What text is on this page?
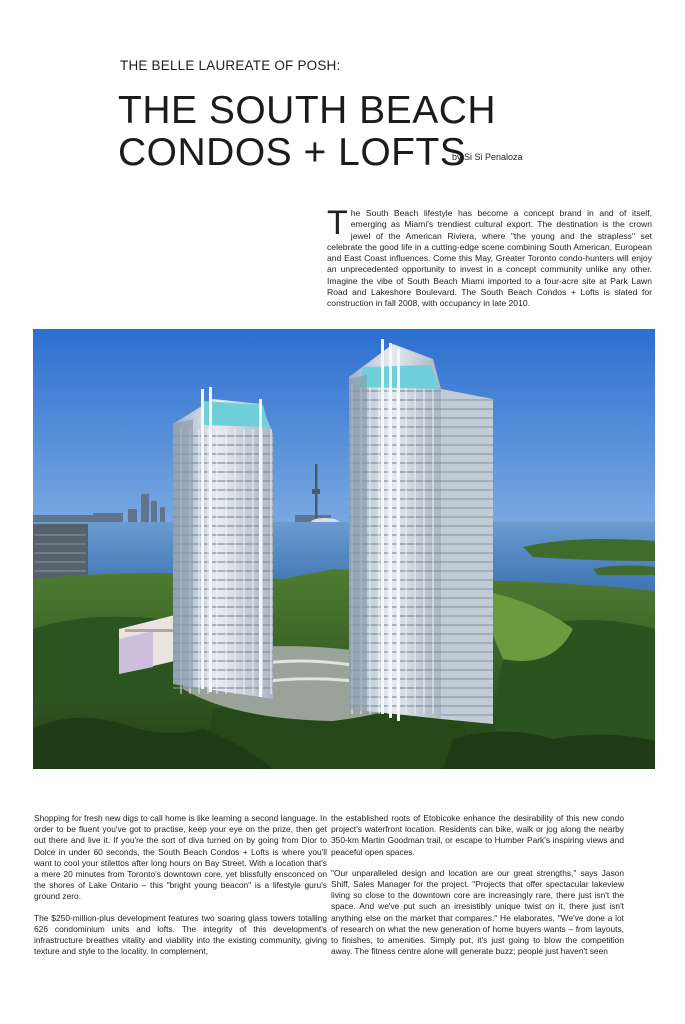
THE BELLE LAUREATE OF POSH:
THE SOUTH BEACH
CONDOS + LOFTS
by Si Si Penaloza
The South Beach lifestyle has become a concept brand in and of itself, emerging as Miami's trendiest cultural export. The destination is the crown jewel of the American Riviera, where "the young and the strapless" set celebrate the good life in a cutting-edge scene combining South American, European and East Coast influences. Come this May, Greater Toronto condo-hunters will enjoy an unprecedented opportunity to invest in a concept community unlike any other. Imagine the vibe of South Beach Miami imported to a four-acre site at Park Lawn Road and Lakeshore Boulevard. The South Beach Condos + Lofts is slated for construction in fall 2008, with occupancy in late 2010.

Shopping for fresh new digs to call home is like learning a second language. In order to be fluent you've got to practise, keep your eye on the prize, then get out there and live it. If you're the sort of diva turned on by going from Dior to Dolce in under 60 seconds, the South Beach Condos + Lofts is where you'll want to cool your stilettos after long hours on Bay Street. With a location that's a mere 20 minutes from Toronto's downtown core, yet blissfully ensconced on the shores of Lake Ontario – this "bright young beacon" is a lifestyle guru's ground zero.

The $250-million-plus development features two soaring glass towers totalling 626 condominium units and lofts. The integrity of this development's infrastructure breathes vitality and viability into the existing community, giving texture and style to the locality. In complement,

the established roots of Etobicoke enhance the desirability of this new condo project's waterfront location. Residents can bike, walk or jog along the nearby 350-km Martin Goodman trail, or escape to Humber Park's inspiring views and peaceful open spaces.

"Our unparalleled design and location are our great strengths," says Jason Shiff, Sales Manager for the project. "Projects that offer spectacular lakeview living so close to the downtown core are increasingly rare, there just isn't the space. And we've put such an irresistibly unique twist on it, there just isn't anything else on the market that compares." He elaborates, "We've done a lot of research on what the new generation of home buyers wants – from layouts, to finishes, to amenities. Simply put, it's just going to blow the competition away. The fitness centre alone will generate buzz; people just haven't seen
